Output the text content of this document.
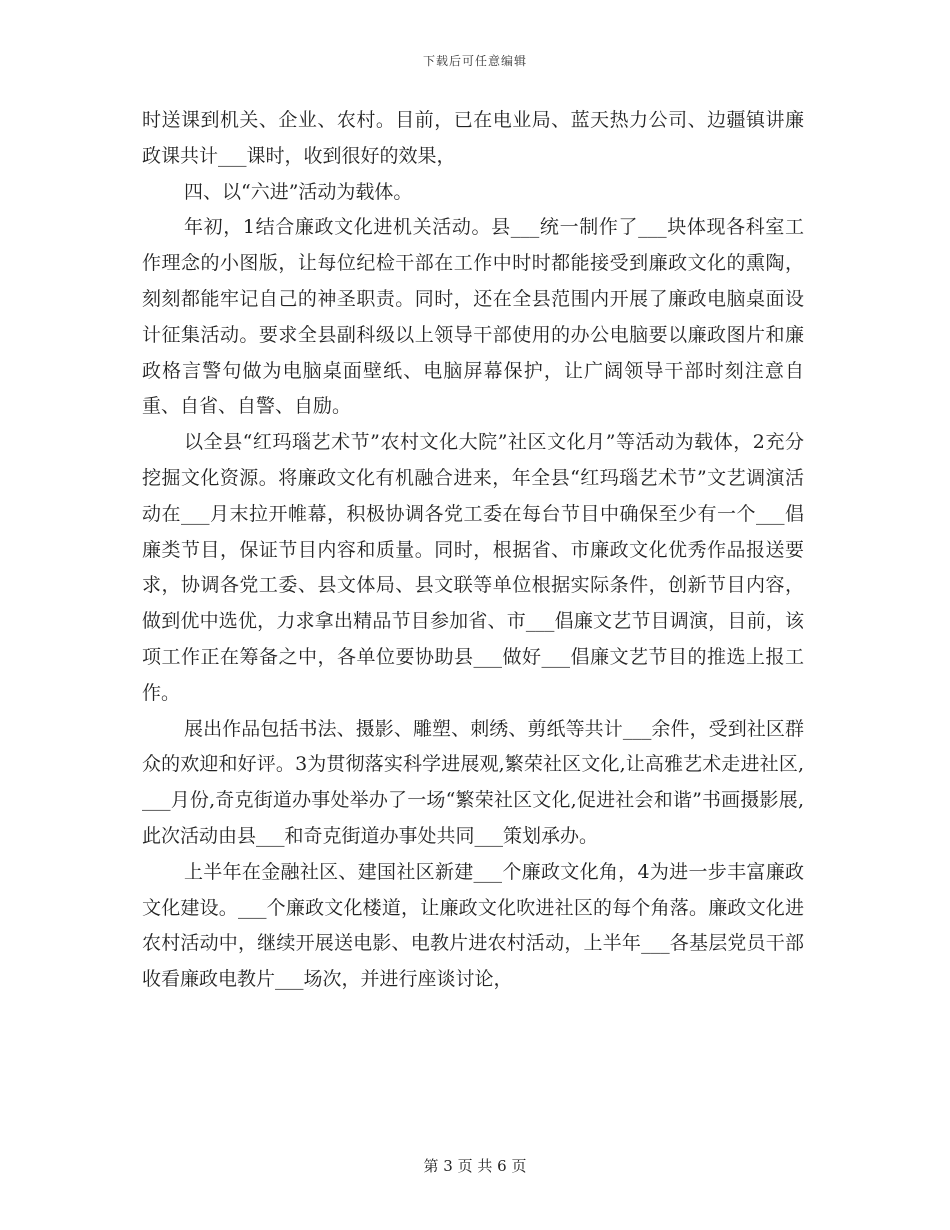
下载后可任意编辑

时送课到机关、企业、农村。目前，已在电业局、蓝天热力公司、边疆镇讲廉政课共计___课时，收到很好的效果，

四、以“六进”活动为载体。

年初，1结合廉政文化进机关活动。县___统一制作了___块体现各科室工作理念的小图版，让每位纪检干部在工作中时时都能接受到廉政文化的熏陶，刻刻都能牢记自己的神圣职责。同时，还在全县范围内开展了廉政电脑桌面设计征集活动。要求全县副科级以上领导干部使用的办公电脑要以廉政图片和廉政格言警句做为电脑桌面壁纸、电脑屏幕保护，让广阔领导干部时刻注意自重、自省、自警、自励。

以全县“红玛瑙艺术节”农村文化大院”社区文化月”等活动为载体，2充分挖掘文化资源。将廉政文化有机融合进来，年全县“红玛瑙艺术节”文艺调演活动在___月末拉开帷幕，积极协调各党工委在每台节目中确保至少有一个___倡廉类节目，保证节目内容和质量。同时，根据省、市廉政文化优秀作品报送要求，协调各党工委、县文体局、县文联等单位根据实际条件，创新节目内容，做到优中选优，力求拿出精品节目参加省、市___倡廉文艺节目调演，目前，该项工作正在筹备之中，各单位要协助县___做好___倡廉文艺节目的推选上报工作。

展出作品包括书法、摄影、雕塑、刺绣、剪纸等共计___余件，受到社区群众的欢迎和好评。3为贯彻落实科学进展观,繁荣社区文化,让高雅艺术走进社区,___月份,奇克街道办事处举办了一场“繁荣社区文化,促进社会和谐”书画摄影展,此次活动由县___和奇克街道办事处共同___策划承办。

上半年在金融社区、建国社区新建___个廉政文化角，4为进一步丰富廉政文化建设。___个廉政文化楼道，让廉政文化吹进社区的每个角落。廉政文化进农村活动中，继续开展送电影、电教片进农村活动，上半年___各基层党员干部收看廉政电教片___场次，并进行座谈讨论，

第 3 页 共 6 页
